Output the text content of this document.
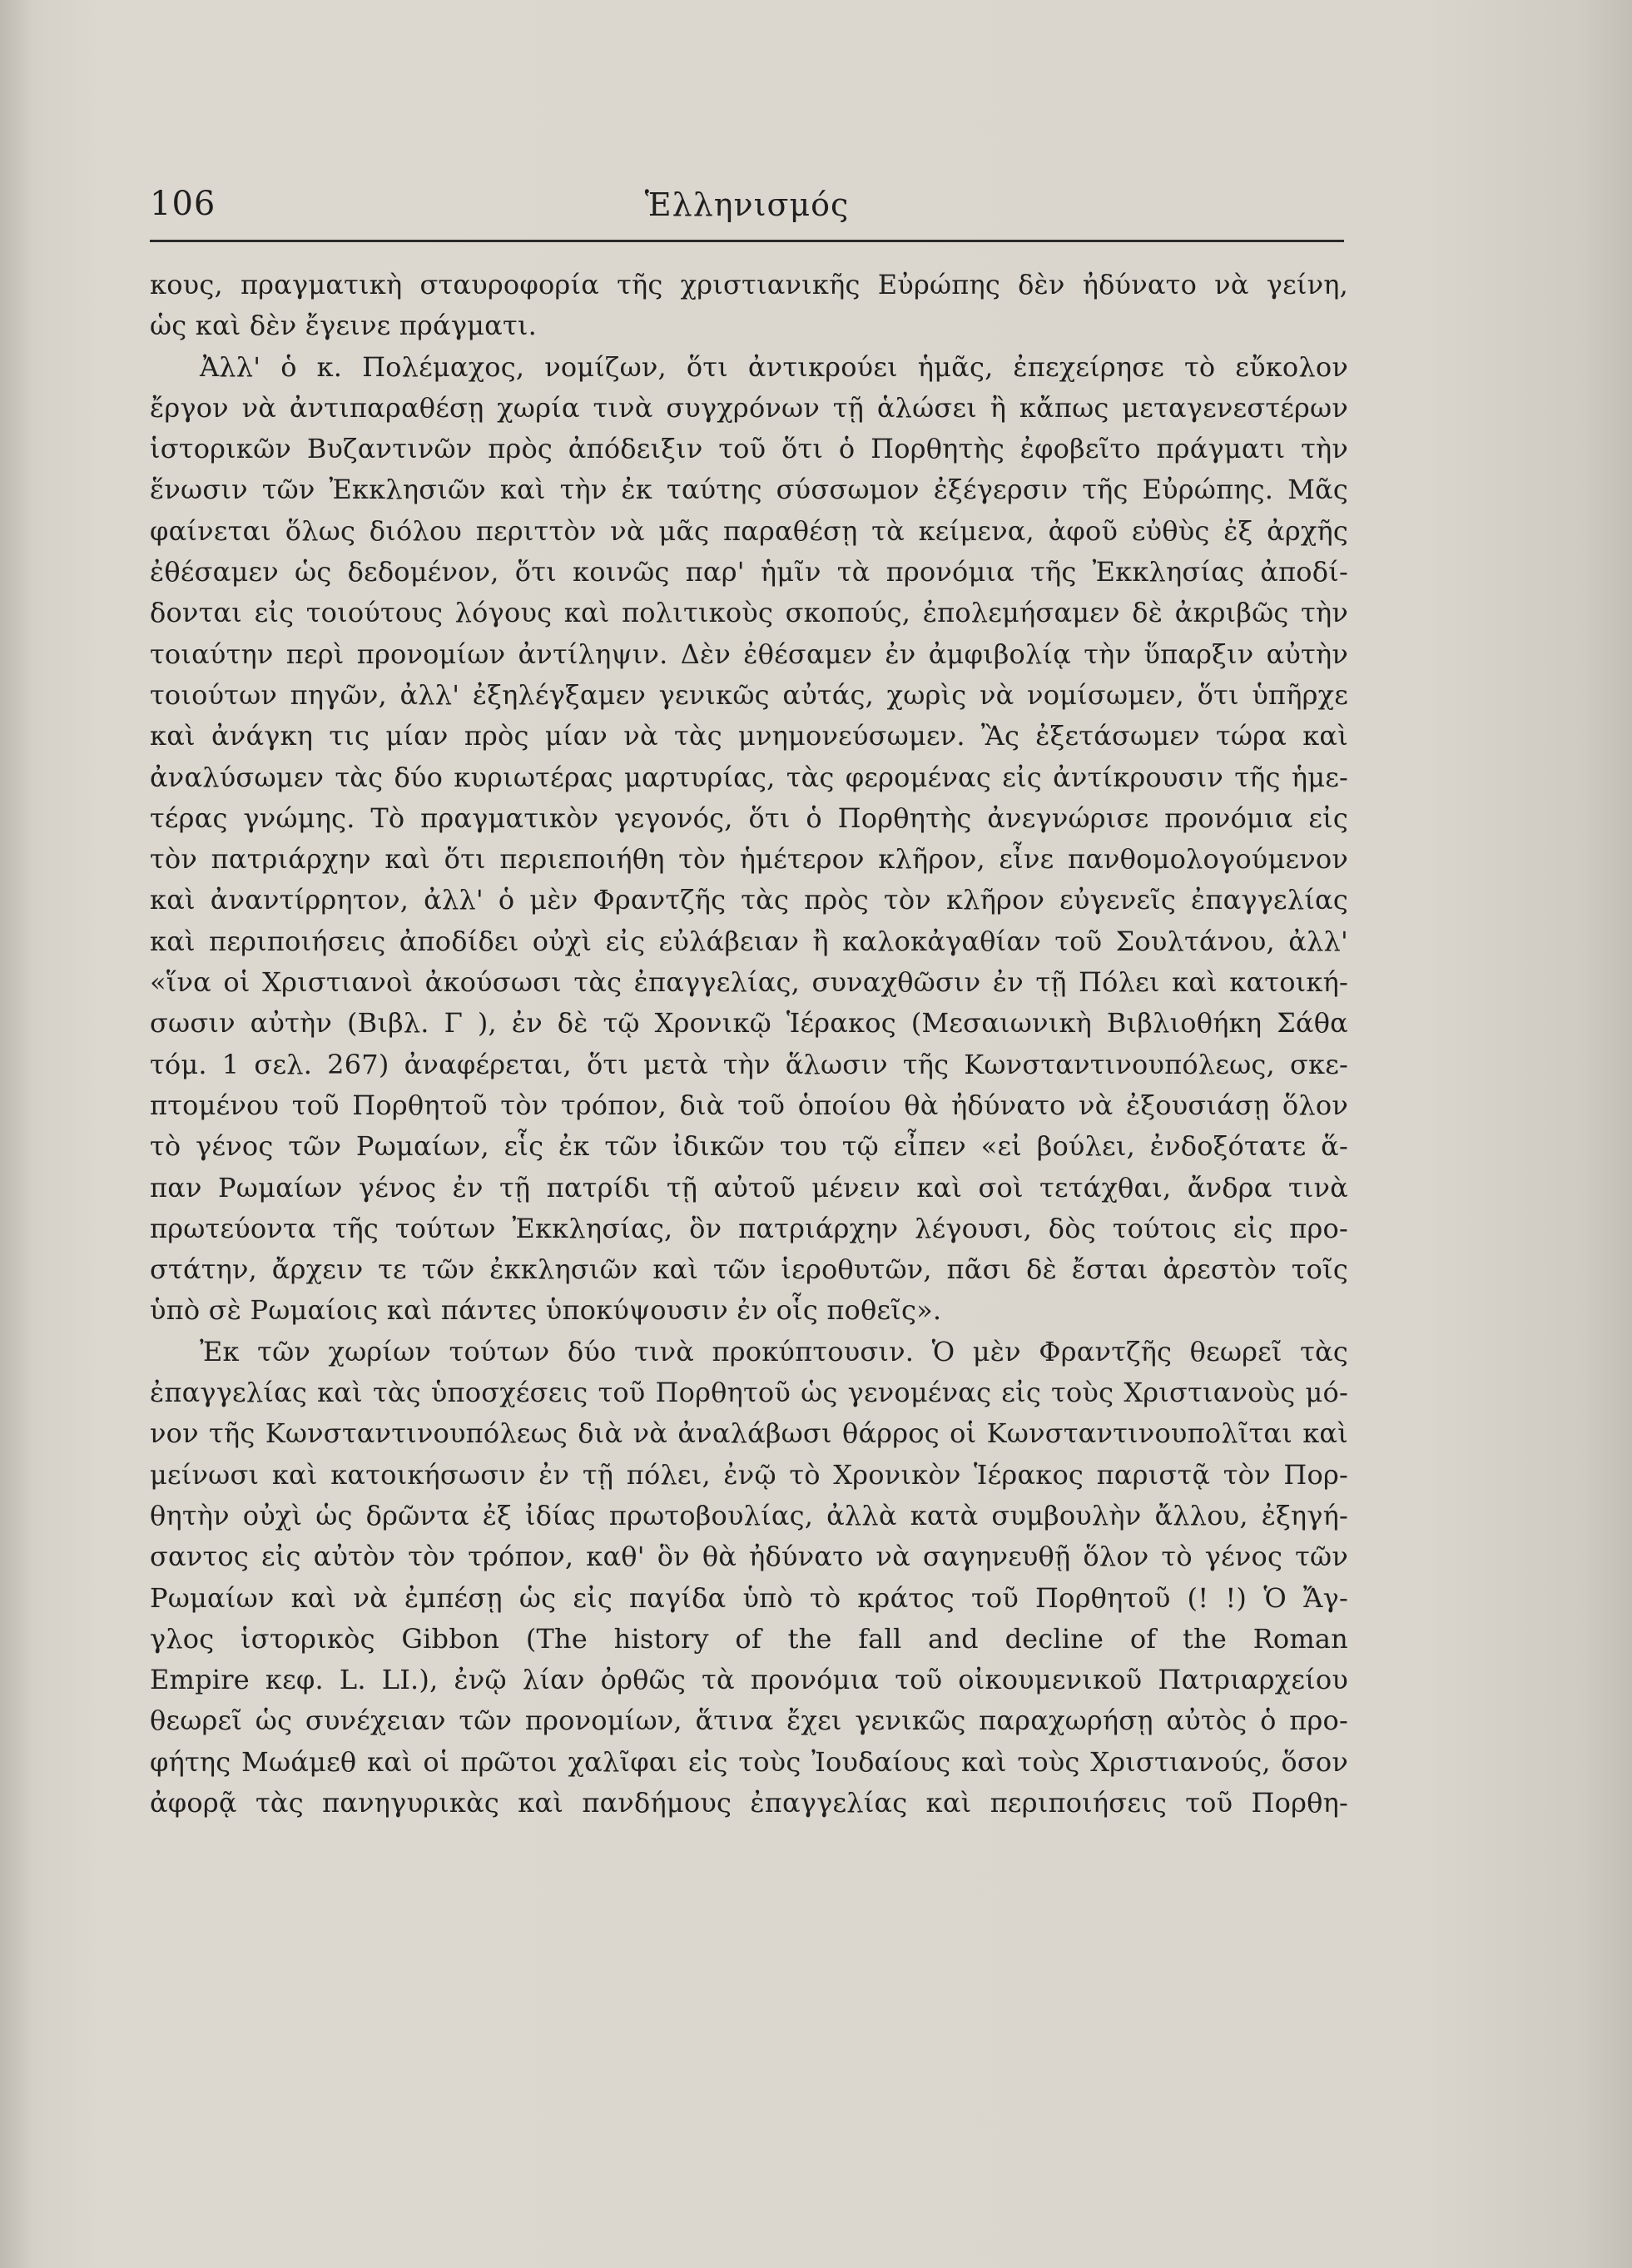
106	Ἑλληνισμός
κους, πραγματικὴ σταυροφορία τῆς χριστιανικῆς Εὐρώπης δὲν ἠδύνατο νὰ γείνη,
ὡς καὶ δὲν ἔγεινε πράγματι.
Ἀλλ' ὁ κ. Πολέμαχος, νομίζων, ὅτι ἀντικρούει ἡμᾶς, ἐπεχείρησε τὸ εὔκολον
ἔργον νὰ ἀντιπαραθέσῃ χωρία τινὰ συγχρόνων τῇ ἁλώσει ἢ κἄπως μεταγενεστέρων
ἱστορικῶν Βυζαντινῶν πρὸς ἀπόδειξιν τοῦ ὅτι ὁ Πορθητὴς ἐφοβεῖτο πράγματι τὴν
ἕνωσιν τῶν Ἐκκλησιῶν καὶ τὴν ἐκ ταύτης σύσσωμον ἐξέγερσιν τῆς Εὐρώπης. Μᾶς
φαίνεται ὅλως διόλου περιττὸν νὰ μᾶς παραθέσῃ τὰ κείμενα, ἀφοῦ εὐθὺς ἐξ ἀρχῆς
ἐθέσαμεν ὡς δεδομένον, ὅτι κοινῶς παρ' ἡμῖν τὰ προνόμια τῆς Ἐκκλησίας ἀποδί-
δονται εἰς τοιούτους λόγους καὶ πολιτικοὺς σκοπούς, ἐπολεμήσαμεν δὲ ἀκριβῶς τὴν
τοιαύτην περὶ προνομίων ἀντίληψιν. Δὲν ἐθέσαμεν ἐν ἀμφιβολίᾳ τὴν ὕπαρξιν αὐτὴν
τοιούτων πηγῶν, ἀλλ' ἐξηλέγξαμεν γενικῶς αὐτάς, χωρὶς νὰ νομίσωμεν, ὅτι ὑπῆρχε
καὶ ἀνάγκη τις μίαν πρὸς μίαν νὰ τὰς μνημονεύσωμεν. Ἂς ἐξετάσωμεν τώρα καὶ
ἀναλύσωμεν τὰς δύο κυριωτέρας μαρτυρίας, τὰς φερομένας εἰς ἀντίκρουσιν τῆς ἡμε-
τέρας γνώμης. Τὸ πραγματικὸν γεγονός, ὅτι ὁ Πορθητὴς ἀνεγνώρισε προνόμια εἰς
τὸν πατριάρχην καὶ ὅτι περιεποιήθη τὸν ἡμέτερον κλῆρον, εἶνε πανθομολογούμενον
καὶ ἀναντίρρητον, ἀλλ' ὁ μὲν Φραντζῆς τὰς πρὸς τὸν κλῆρον εὐγενεῖς ἐπαγγελίας
καὶ περιποιήσεις ἀποδίδει οὐχὶ εἰς εὐλάβειαν ἢ καλοκἀγαθίαν τοῦ Σουλτάνου, ἀλλ'
«ἵνα οἱ Χριστιανοὶ ἀκούσωσι τὰς ἐπαγγελίας, συναχθῶσιν ἐν τῇ Πόλει καὶ κατοική-
σωσιν αὐτὴν (Βιβλ. Γ ), ἐν δὲ τῷ Χρονικῷ Ἱέρακος (Μεσαιωνικὴ Βιβλιοθήκη Σάθα
τόμ. 1 σελ. 267) ἀναφέρεται, ὅτι μετὰ τὴν ἅλωσιν τῆς Κωνσταντινουπόλεως, σκε-
πτομένου τοῦ Πορθητοῦ τὸν τρόπον, διὰ τοῦ ὁποίου θὰ ἠδύνατο νὰ ἐξουσιάσῃ ὅλον
τὸ γένος τῶν Ρωμαίων, εἷς ἐκ τῶν ἰδικῶν του τῷ εἶπεν «εἰ βούλει, ἐνδοξότατε ἅ-
παν Ρωμαίων γένος ἐν τῇ πατρίδι τῇ αὐτοῦ μένειν καὶ σοὶ τετάχθαι, ἄνδρα τινὰ
πρωτεύοντα τῆς τούτων Ἐκκλησίας, ὃν πατριάρχην λέγουσι, δὸς τούτοις εἰς προ-
στάτην, ἄρχειν τε τῶν ἐκκλησιῶν καὶ τῶν ἱεροθυτῶν, πᾶσι δὲ ἔσται ἀρεστὸν τοῖς
ὑπὸ σὲ Ρωμαίοις καὶ πάντες ὑποκύψουσιν ἐν οἷς ποθεῖς».
Ἐκ τῶν χωρίων τούτων δύο τινὰ προκύπτουσιν. Ὁ μὲν Φραντζῆς θεωρεῖ τὰς
ἐπαγγελίας καὶ τὰς ὑποσχέσεις τοῦ Πορθητοῦ ὡς γενομένας εἰς τοὺς Χριστιανοὺς μό-
νον τῆς Κωνσταντινουπόλεως διὰ νὰ ἀναλάβωσι θάρρος οἱ Κωνσταντινουπολῖται καὶ
μείνωσι καὶ κατοικήσωσιν ἐν τῇ πόλει, ἐνῷ τὸ Χρονικὸν Ἱέρακος παριστᾷ τὸν Πορ-
θητὴν οὐχὶ ὡς δρῶντα ἐξ ἰδίας πρωτοβουλίας, ἀλλὰ κατὰ συμβουλὴν ἄλλου, ἐξηγή-
σαντος εἰς αὐτὸν τὸν τρόπον, καθ' ὃν θὰ ἠδύνατο νὰ σαγηνευθῇ ὅλον τὸ γένος τῶν
Ρωμαίων καὶ νὰ ἐμπέσῃ ὡς εἰς παγίδα ὑπὸ τὸ κράτος τοῦ Πορθητοῦ (! !) Ὁ Ἄγ-
γλος ἱστορικὸς Gibbon (The history of the fall and decline of the Roman
Empire κεφ. L. LI.), ἐνῷ λίαν ὀρθῶς τὰ προνόμια τοῦ οἰκουμενικοῦ Πατριαρχείου
θεωρεῖ ὡς συνέχειαν τῶν προνομίων, ἅτινα ἔχει γενικῶς παραχωρήσῃ αὐτὸς ὁ προ-
φήτης Μωάμεθ καὶ οἱ πρῶτοι χαλῖφαι εἰς τοὺς Ἰουδαίους καὶ τοὺς Χριστιανούς, ὅσον
ἀφορᾷ τὰς πανηγυρικὰς καὶ πανδήμους ἐπαγγελίας καὶ περιποιήσεις τοῦ Πορθη-
